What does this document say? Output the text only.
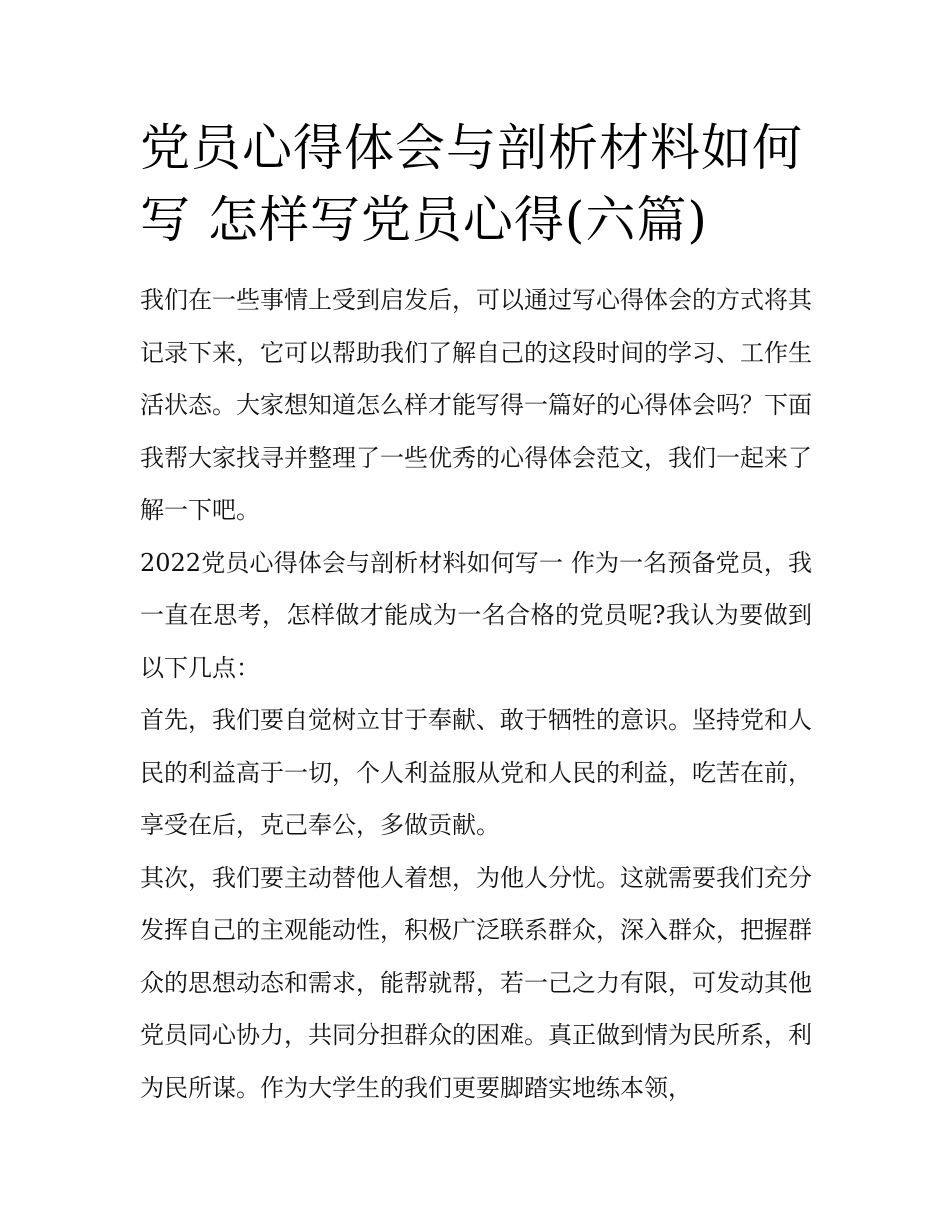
党员心得体会与剖析材料如何写 怎样写党员心得(六篇)

我们在一些事情上受到启发后，可以通过写心得体会的方式将其记录下来，它可以帮助我们了解自己的这段时间的学习、工作生活状态。大家想知道怎么样才能写得一篇好的心得体会吗？下面我帮大家找寻并整理了一些优秀的心得体会范文，我们一起来了解一下吧。

2022党员心得体会与剖析材料如何写一 作为一名预备党员，我一直在思考，怎样做才能成为一名合格的党员呢?我认为要做到以下几点：

首先，我们要自觉树立甘于奉献、敢于牺牲的意识。坚持党和人民的利益高于一切，个人利益服从党和人民的利益，吃苦在前，享受在后，克己奉公，多做贡献。

其次，我们要主动替他人着想，为他人分忧。这就需要我们充分发挥自己的主观能动性，积极广泛联系群众，深入群众，把握群众的思想动态和需求，能帮就帮，若一己之力有限，可发动其他党员同心协力，共同分担群众的困难。真正做到情为民所系，利为民所谋。作为大学生的我们更要脚踏实地练本领，
